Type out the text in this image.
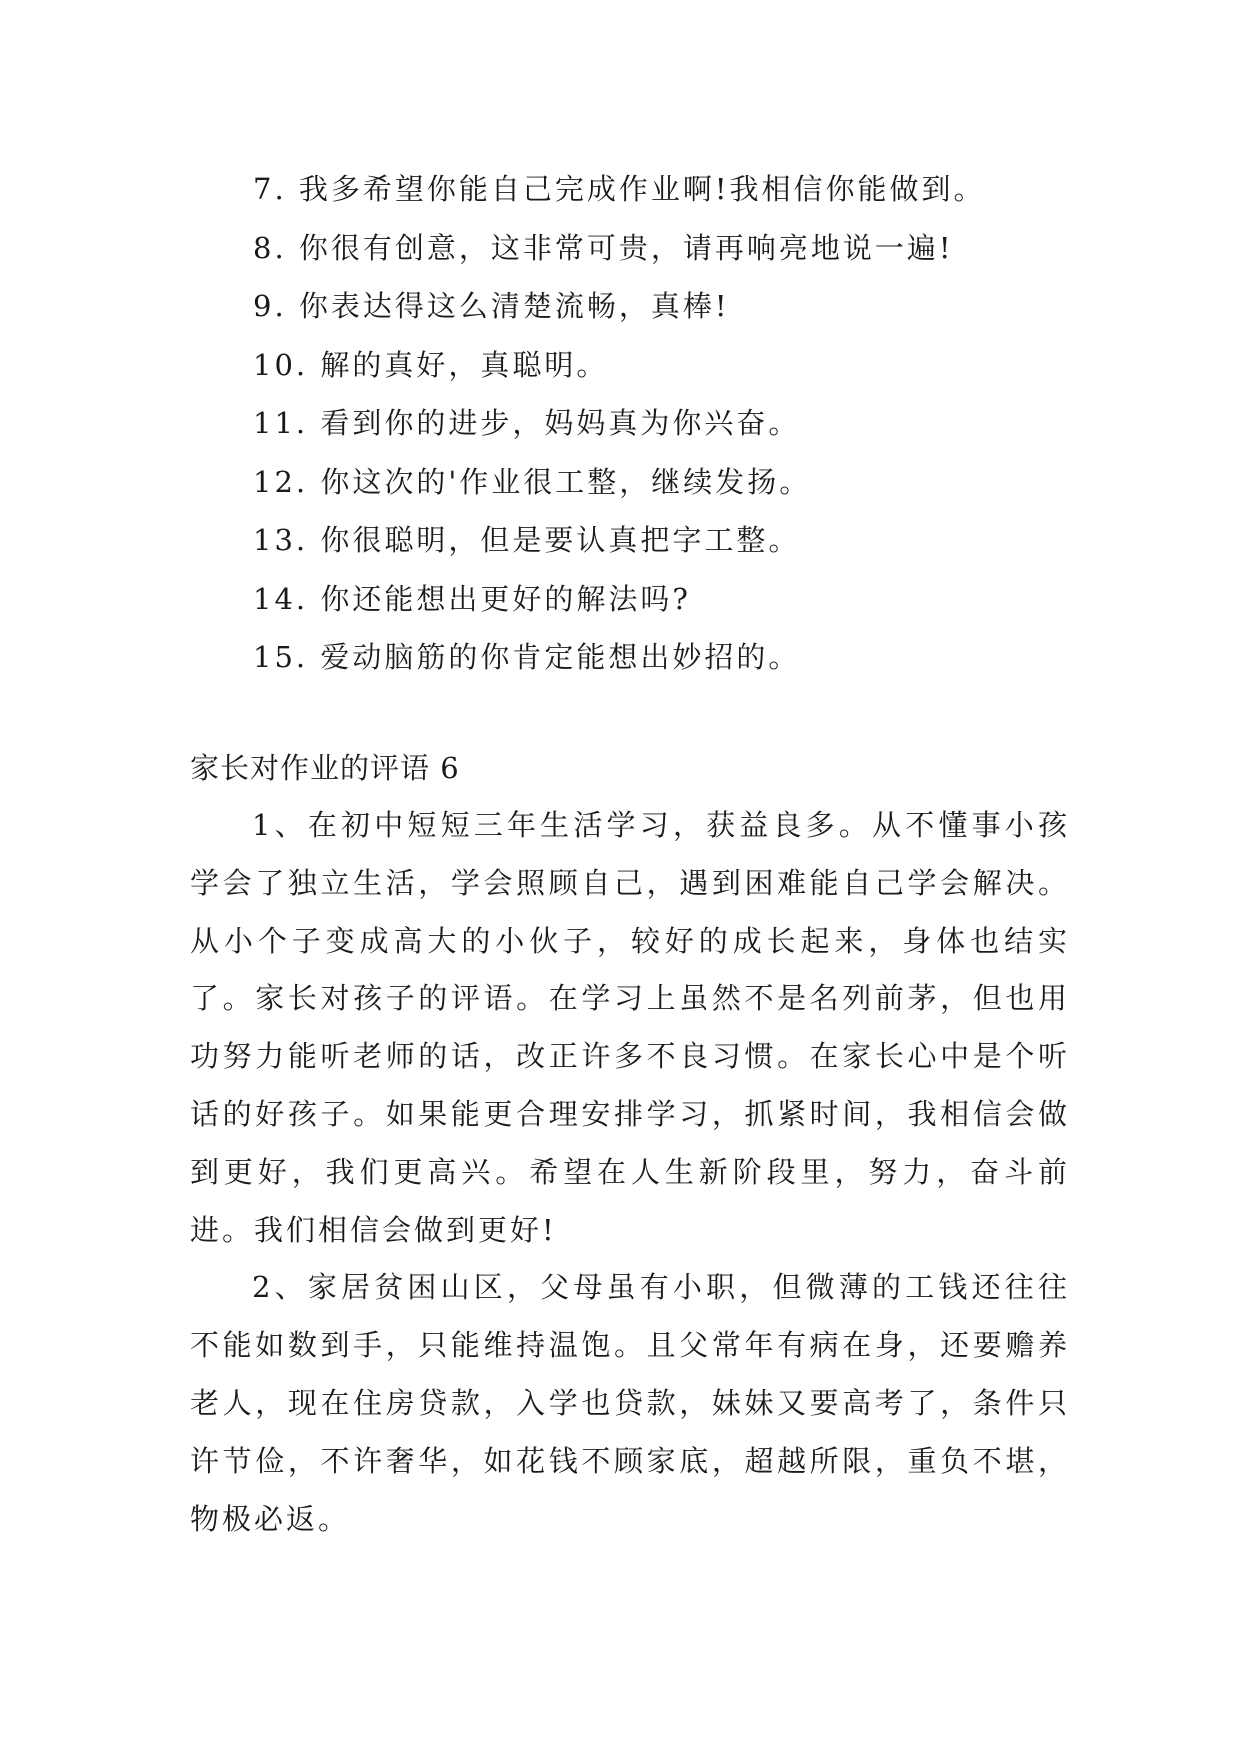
7. 我多希望你能自己完成作业啊!我相信你能做到。
8. 你很有创意，这非常可贵，请再响亮地说一遍!
9. 你表达得这么清楚流畅，真棒!
10. 解的真好，真聪明。
11. 看到你的进步，妈妈真为你兴奋。
12. 你这次的'作业很工整，继续发扬。
13. 你很聪明，但是要认真把字工整。
14. 你还能想出更好的解法吗?
15. 爱动脑筋的你肯定能想出妙招的。
家长对作业的评语 6

1、在初中短短三年生活学习，获益良多。从不懂事小孩学会了独立生活，学会照顾自己，遇到困难能自己学会解决。从小个子变成高大的小伙子，较好的成长起来，身体也结实了。家长对孩子的评语。在学习上虽然不是名列前茅，但也用功努力能听老师的话，改正许多不良习惯。在家长心中是个听话的好孩子。如果能更合理安排学习，抓紧时间，我相信会做到更好，我们更高兴。希望在人生新阶段里，努力，奋斗前进。我们相信会做到更好!

2、家居贫困山区，父母虽有小职，但微薄的工钱还往往不能如数到手，只能维持温饱。且父常年有病在身，还要赡养老人，现在住房贷款，入学也贷款，妹妹又要高考了，条件只许节俭，不许奢华，如花钱不顾家底，超越所限，重负不堪，物极必返。
